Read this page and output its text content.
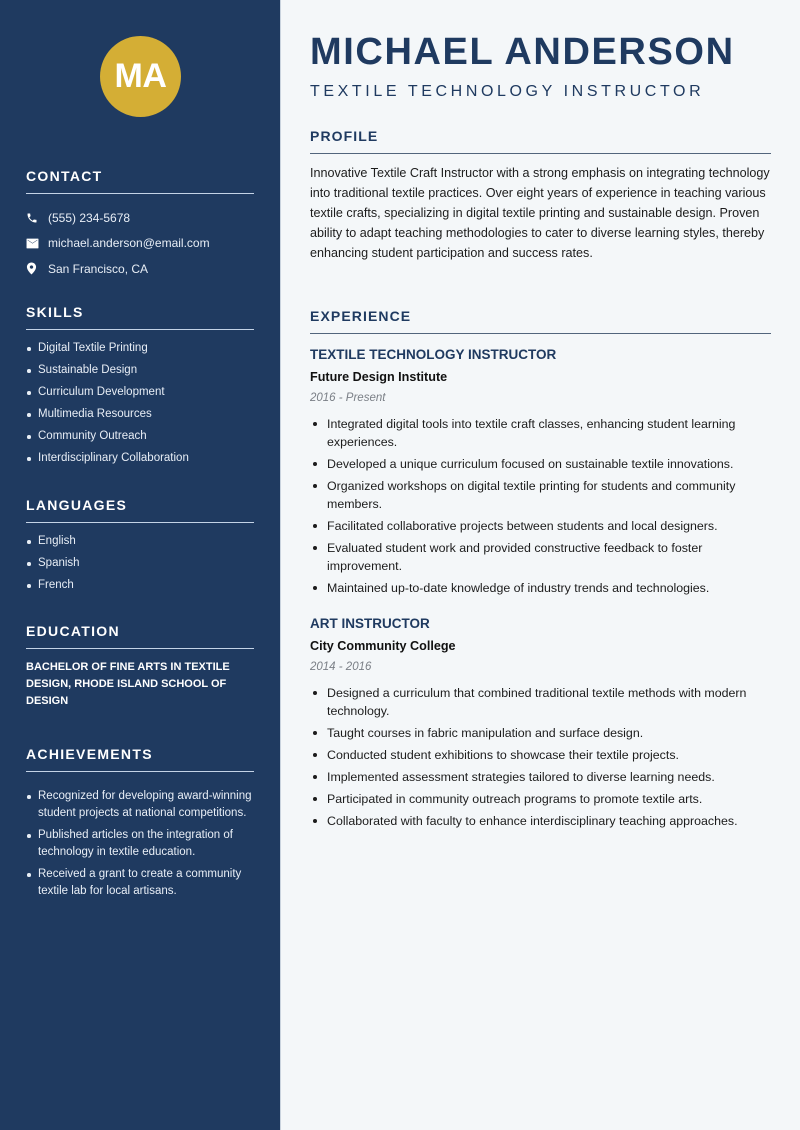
MA
CONTACT
(555) 234-5678
michael.anderson@email.com
San Francisco, CA
SKILLS
Digital Textile Printing
Sustainable Design
Curriculum Development
Multimedia Resources
Community Outreach
Interdisciplinary Collaboration
LANGUAGES
English
Spanish
French
EDUCATION

BACHELOR OF FINE ARTS IN TEXTILE DESIGN, RHODE ISLAND SCHOOL OF DESIGN

ACHIEVEMENTS
Recognized for developing award-winning student projects at national competitions.
Published articles on the integration of technology in textile education.
Received a grant to create a community textile lab for local artisans.
MICHAEL ANDERSON
TEXTILE TECHNOLOGY INSTRUCTOR
PROFILE

Innovative Textile Craft Instructor with a strong emphasis on integrating technology into traditional textile practices. Over eight years of experience in teaching various textile crafts, specializing in digital textile printing and sustainable design. Proven ability to adapt teaching methodologies to cater to diverse learning styles, thereby enhancing student participation and success rates.

EXPERIENCE
TEXTILE TECHNOLOGY INSTRUCTOR
Future Design Institute
2016 - Present
Integrated digital tools into textile craft classes, enhancing student learning experiences.
Developed a unique curriculum focused on sustainable textile innovations.
Organized workshops on digital textile printing for students and community members.
Facilitated collaborative projects between students and local designers.
Evaluated student work and provided constructive feedback to foster improvement.
Maintained up-to-date knowledge of industry trends and technologies.
ART INSTRUCTOR
City Community College
2014 - 2016
Designed a curriculum that combined traditional textile methods with modern technology.
Taught courses in fabric manipulation and surface design.
Conducted student exhibitions to showcase their textile projects.
Implemented assessment strategies tailored to diverse learning needs.
Participated in community outreach programs to promote textile arts.
Collaborated with faculty to enhance interdisciplinary teaching approaches.
